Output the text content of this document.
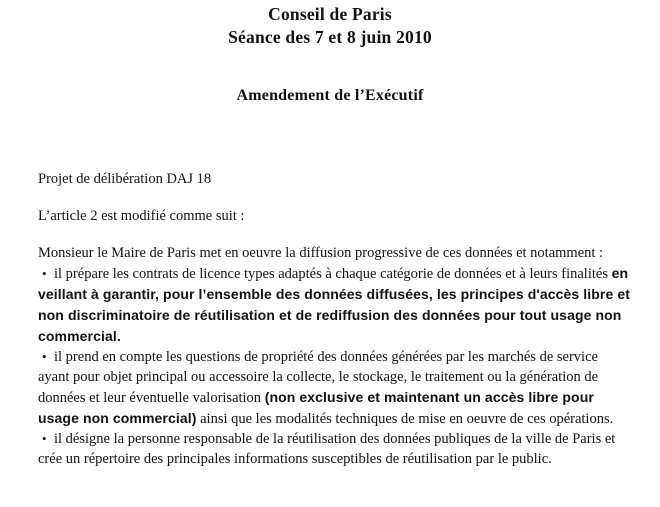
Conseil de Paris
Séance des 7 et 8 juin 2010
Amendement de l’Exécutif

Projet de délibération DAJ 18

L’article 2 est modifié comme suit :

Monsieur le Maire de Paris met en oeuvre la diffusion progressive de ces données et notamment :

• il prépare les contrats de licence types adaptés à chaque catégorie de données et à leurs finalités en veillant à garantir, pour l’ensemble des données diffusées, les principes d'accès libre et non discriminatoire de réutilisation et de rediffusion des données pour tout usage non commercial.

• il prend en compte les questions de propriété des données générées par les marchés de service ayant pour objet principal ou accessoire la collecte, le stockage, le traitement ou la génération de données et leur éventuelle valorisation (non exclusive et maintenant un accès libre pour usage non commercial) ainsi que les modalités techniques de mise en oeuvre de ces opérations.

• il désigne la personne responsable de la réutilisation des données publiques de la ville de Paris et crée un répertoire des principales informations susceptibles de réutilisation par le public.
